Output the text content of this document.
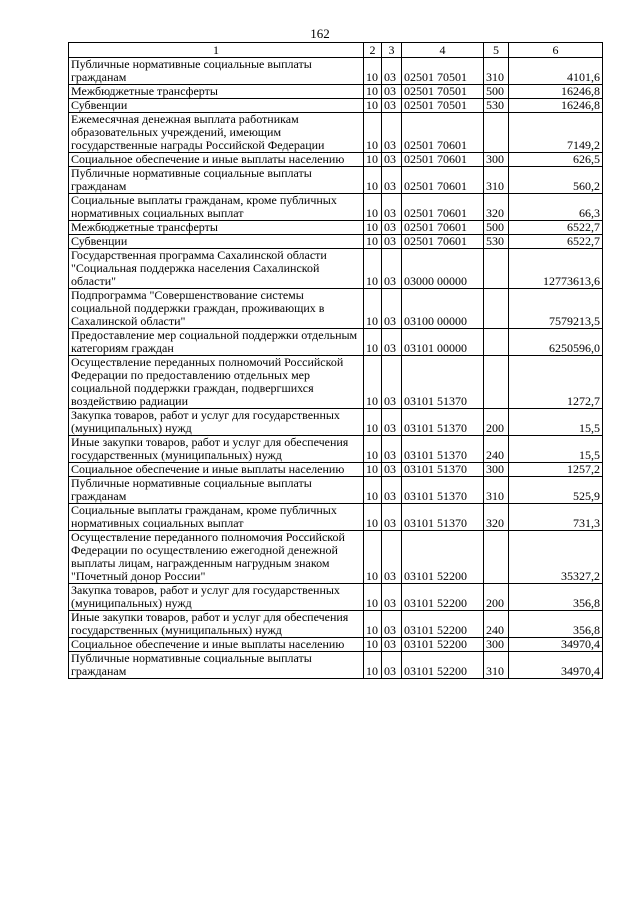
162
1	2	3	4	5	6
Публичные нормативные социальные выплаты гражданам	10	03	02501 70501	310	4101,6
Межбюджетные трансферты	10	03	02501 70501	500	16246,8
Субвенции	10	03	02501 70501	530	16246,8
Ежемесячная денежная выплата работникам образовательных учреждений, имеющим государственные награды Российской Федерации	10	03	02501 70601		7149,2
Социальное обеспечение и иные выплаты населению	10	03	02501 70601	300	626,5
Публичные нормативные социальные выплаты гражданам	10	03	02501 70601	310	560,2
Социальные выплаты гражданам, кроме публичных нормативных социальных выплат	10	03	02501 70601	320	66,3
Межбюджетные трансферты	10	03	02501 70601	500	6522,7
Субвенции	10	03	02501 70601	530	6522,7
Государственная программа Сахалинской области "Социальная поддержка населения Сахалинской области"	10	03	03000 00000		12773613,6
Подпрограмма "Совершенствование системы социальной поддержки граждан, проживающих в Сахалинской области"	10	03	03100 00000		7579213,5
Предоставление мер социальной поддержки отдельным категориям граждан	10	03	03101 00000		6250596,0
Осуществление переданных полномочий Российской Федерации по предоставлению отдельных мер социальной поддержки граждан, подвергшихся воздействию радиации	10	03	03101 51370		1272,7
Закупка товаров, работ и услуг для государственных (муниципальных) нужд	10	03	03101 51370	200	15,5
Иные закупки товаров, работ и услуг для обеспечения государственных (муниципальных) нужд	10	03	03101 51370	240	15,5
Социальное обеспечение и иные выплаты населению	10	03	03101 51370	300	1257,2
Публичные нормативные социальные выплаты гражданам	10	03	03101 51370	310	525,9
Социальные выплаты гражданам, кроме публичных нормативных социальных выплат	10	03	03101 51370	320	731,3
Осуществление переданного полномочия Российской Федерации по осуществлению ежегодной денежной выплаты лицам, награжденным нагрудным знаком "Почетный донор России"	10	03	03101 52200		35327,2
Закупка товаров, работ и услуг для государственных (муниципальных) нужд	10	03	03101 52200	200	356,8
Иные закупки товаров, работ и услуг для обеспечения государственных (муниципальных) нужд	10	03	03101 52200	240	356,8
Социальное обеспечение и иные выплаты населению	10	03	03101 52200	300	34970,4
Публичные нормативные социальные выплаты гражданам	10	03	03101 52200	310	34970,4
